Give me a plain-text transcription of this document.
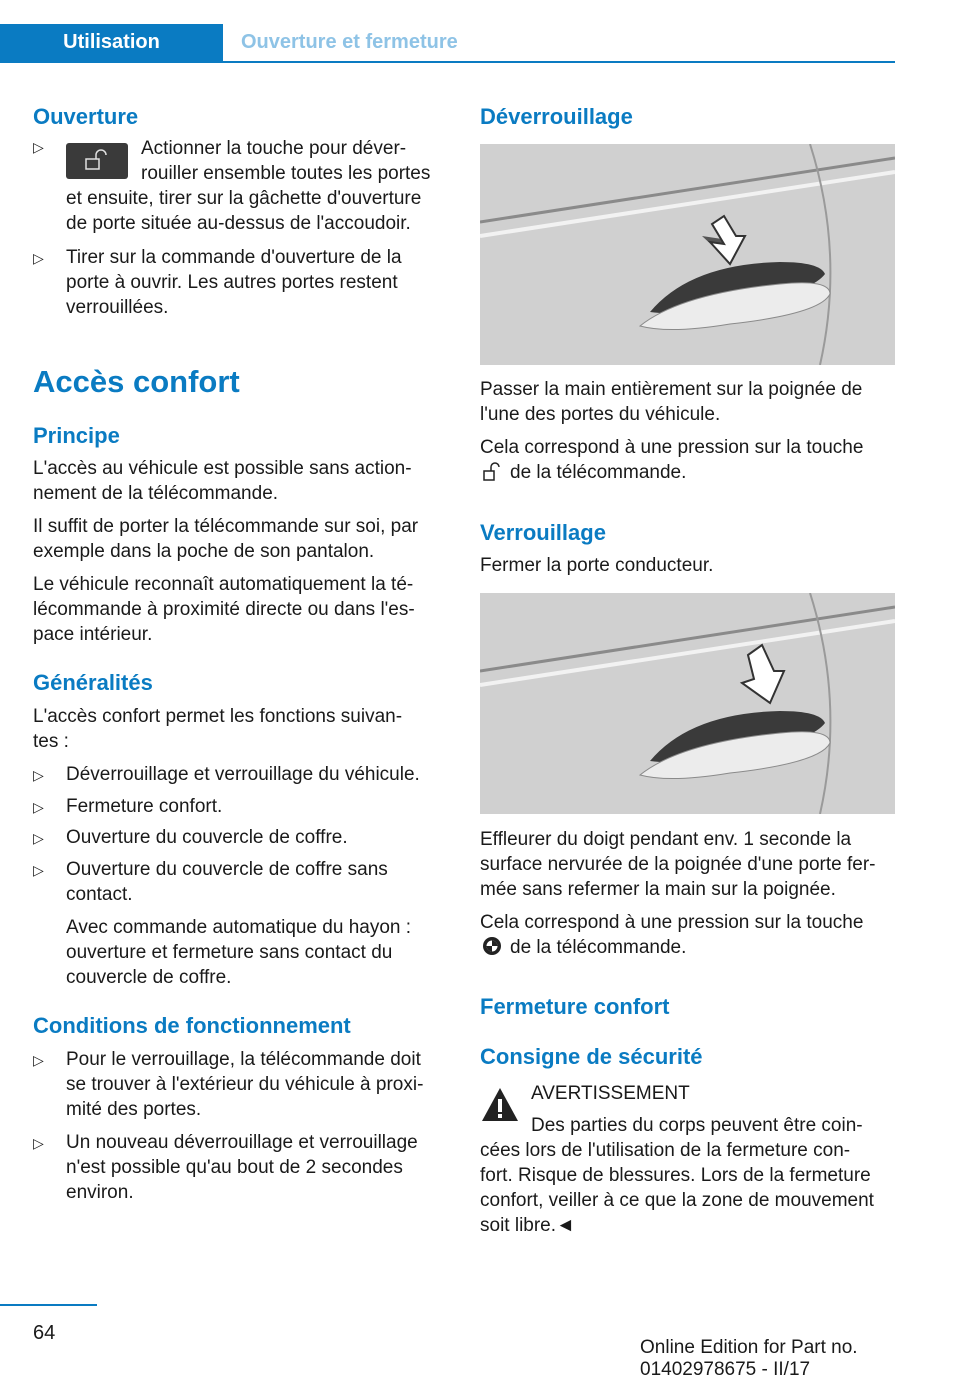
Utilisation	Ouverture et fermeture
Ouverture
▷	Actionner la touche pour déver-
rouiller ensemble toutes les portes
et ensuite, tirer sur la gâchette d'ouverture
de porte située au-dessus de l'accoudoir.
▷ Tirer sur la commande d'ouverture de la
porte à ouvrir. Les autres portes restent
verrouillées.
Accès confort
Principe
L'accès au véhicule est possible sans action-
nement de la télécommande.
Il suffit de porter la télécommande sur soi, par
exemple dans la poche de son pantalon.
Le véhicule reconnaît automatiquement la té-
lécommande à proximité directe ou dans l'es-
pace intérieur.
Généralités
L'accès confort permet les fonctions suivan-
tes :
▷ Déverrouillage et verrouillage du véhicule.
▷ Fermeture confort.
▷ Ouverture du couvercle de coffre.
▷ Ouverture du couvercle de coffre sans
contact.
Avec commande automatique du hayon :
ouverture et fermeture sans contact du
couvercle de coffre.
Conditions de fonctionnement
▷ Pour le verrouillage, la télécommande doit
se trouver à l'extérieur du véhicule à proxi-
mité des portes.
▷ Un nouveau déverrouillage et verrouillage
n'est possible qu'au bout de 2 secondes
environ.
Déverrouillage
Passer la main entièrement sur la poignée de
l'une des portes du véhicule.
Cela correspond à une pression sur la touche
de la télécommande.
Verrouillage
Fermer la porte conducteur.
Effleurer du doigt pendant env. 1 seconde la
surface nervurée de la poignée d'une porte fer-
mée sans refermer la main sur la poignée.
Cela correspond à une pression sur la touche
de la télécommande.
Fermeture confort
Consigne de sécurité
AVERTISSEMENT
Des parties du corps peuvent être coin-
cées lors de l'utilisation de la fermeture con-
fort. Risque de blessures. Lors de la fermeture
confort, veiller à ce que la zone de mouvement
soit libre.◄
64
Online Edition for Part no. 01402978675 - II/17
